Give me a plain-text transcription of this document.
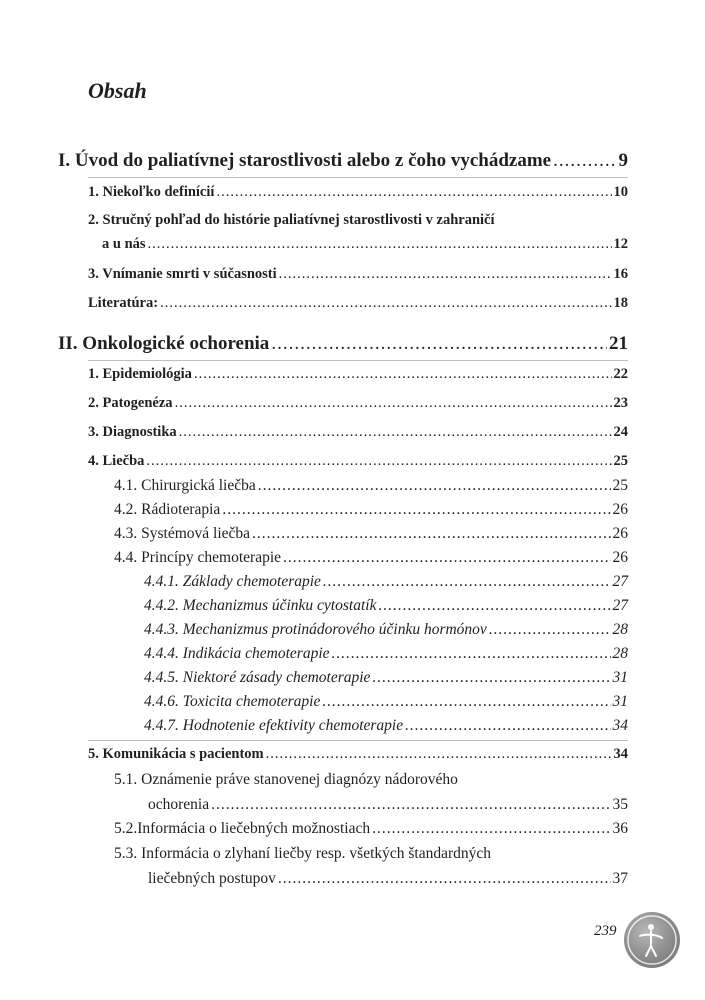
Obsah
I. Úvod do paliatívnej starostlivosti alebo z čoho vychádzame .....	9
1. Niekoľko definícií .....	10
2. Stručný pohľad do histórie paliatívnej starostlivosti v zahraničí
a u nás .....	12
3. Vnímanie smrti v súčasnosti .....	16
Literatúra: .....	18
II. Onkologické ochorenia .....	21
1. Epidemiológia .....	22
2. Patogenéza .....	23
3. Diagnostika .....	24
4. Liečba .....	25
4.1. Chirurgická liečba .....	25
4.2. Rádioterapia .....	26
4.3. Systémová liečba .....	26
4.4. Princípy chemoterapie .....	26
4.4.1. Základy chemoterapie .....	27
4.4.2. Mechanizmus účinku cytostatík .....	27
4.4.3. Mechanizmus protinádorového účinku hormónov .....	28
4.4.4. Indikácia chemoterapie .....	28
4.4.5. Niektoré zásady chemoterapie .....	31
4.4.6. Toxicita chemoterapie .....	31
4.4.7. Hodnotenie efektivity chemoterapie .....	34
5. Komunikácia s pacientom .....	34
5.1. Oznámenie práve stanovenej diagnózy nádorového
ochorenia .....	35
5.2.Informácia o liečebných možnostiach .....	36
5.3. Informácia o zlyhaní liečby resp. všetkých štandardných
liečebných postupov .....	37
239
